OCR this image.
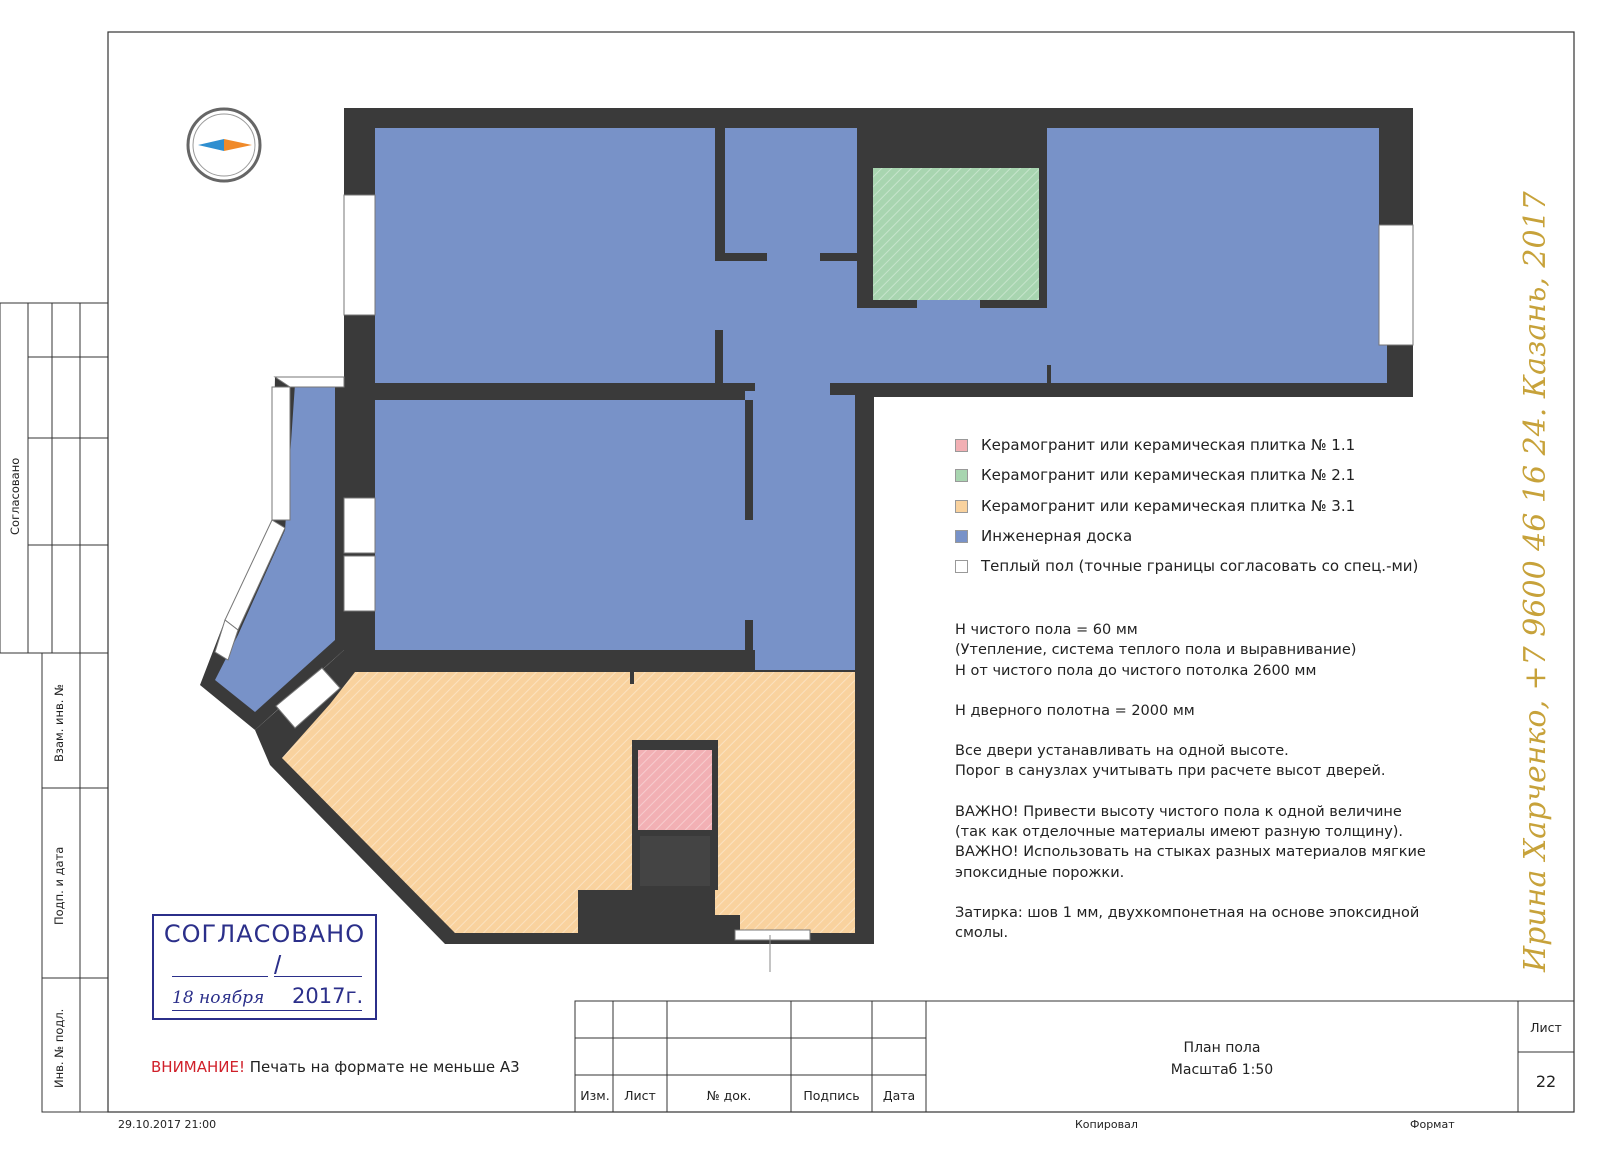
Ирина Харченко, +7 9600 46 16 24. Казань, 2017
Керамогранит или керамическая плитка № 1.1
Керамогранит или керамическая плитка № 2.1
Керамогранит или керамическая плитка № 3.1
Инженерная доска
Теплый пол (точные границы согласовать со спец.-ми)
Н чистого пола = 60 мм
(Утепление, система теплого пола и выравнивание)
Н от чистого пола до чистого потолка 2600 мм
Н дверного полотна = 2000 мм
Все двери устанавливать на одной высоте.
Порог в санузлах учитывать при расчете высот дверей.
ВАЖНО! Привести высоту чистого пола к одной величине
(так как отделочные материалы имеют разную толщину).
ВАЖНО! Использовать на стыках разных материалов мягкие
эпоксидные порожки.
Затирка: шов 1 мм, двухкомпонетная на основе эпоксидной
смолы.
СОГЛАСОВАНО
/
18 ноября 2017г.
ВНИМАНИЕ! Печать на формате не меньше А3
Изм.	Лист	№ док.	Подпись	Дата
План пола
Масштаб 1:50
Лист
22
29.10.2017 21:00	Копировал	Формат
Согласовано
Взам. инв. №
Подп. и дата
Инв. № подл.
